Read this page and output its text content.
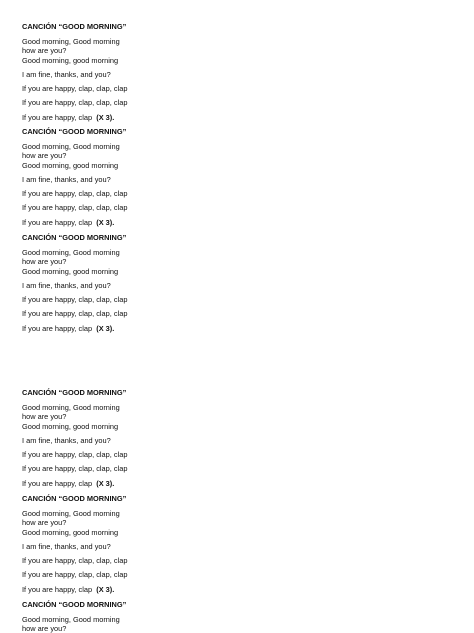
CANCIÓN “GOOD MORNING”
Good morning, Good morning
how are you?
Good morning, good morning
I am fine, thanks, and you?
If you are happy, clap, clap, clap
If you are happy, clap, clap, clap
If you are happy, clap (X 3).
CANCIÓN “GOOD MORNING”
Good morning, Good morning
how are you?
Good morning, good morning
I am fine, thanks, and you?
If you are happy, clap, clap, clap
If you are happy, clap, clap, clap
If you are happy, clap (X 3).
CANCIÓN “GOOD MORNING”
Good morning, Good morning
how are you?
Good morning, good morning
I am fine, thanks, and you?
If you are happy, clap, clap, clap
If you are happy, clap, clap, clap
If you are happy, clap (X 3).
CANCIÓN “GOOD MORNING”
Good morning, Good morning
how are you?
Good morning, good morning
I am fine, thanks, and you?
If you are happy, clap, clap, clap
If you are happy, clap, clap, clap
If you are happy, clap (X 3).
CANCIÓN “GOOD MORNING”
Good morning, Good morning
how are you?
Good morning, good morning
I am fine, thanks, and you?
If you are happy, clap, clap, clap
If you are happy, clap, clap, clap
If you are happy, clap (X 3).
CANCIÓN “GOOD MORNING”
Good morning, Good morning
how are you?
